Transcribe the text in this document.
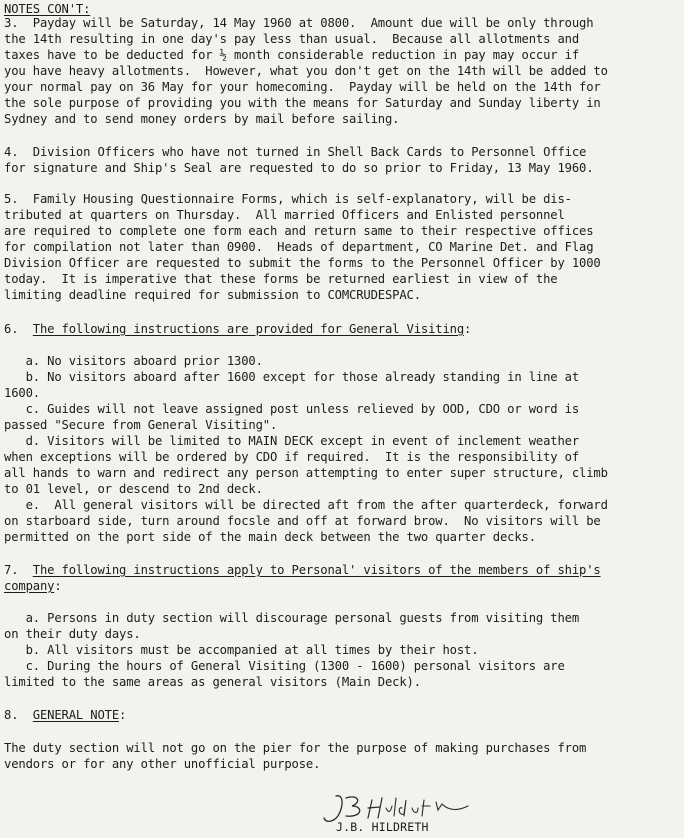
NOTES CON'T:
3.  Payday will be Saturday, 14 May 1960 at 0800.  Amount due will be only through
the 14th resulting in one day's pay less than usual.  Because all allotments and
taxes have to be deducted for ½ month considerable reduction in pay may occur if
you have heavy allotments.  However, what you don't get on the 14th will be added to
your normal pay on 36 May for your homecoming.  Payday will be held on the 14th for
the sole purpose of providing you with the means for Saturday and Sunday liberty in
Sydney and to send money orders by mail before sailing.
4.  Division Officers who have not turned in Shell Back Cards to Personnel Office
for signature and Ship's Seal are requested to do so prior to Friday, 13 May 1960.
5.  Family Housing Questionnaire Forms, which is self-explanatory, will be dis-
tributed at quarters on Thursday.  All married Officers and Enlisted personnel
are required to complete one form each and return same to their respective offices
for compilation not later than 0900.  Heads of department, CO Marine Det. and Flag
Division Officer are requested to submit the forms to the Personnel Officer by 1000
today.  It is imperative that these forms be returned earliest in view of the
limiting deadline required for submission to COMCRUDESPAC.
6. The following instructions are provided for General Visiting:
a. No visitors aboard prior 1300.
b. No visitors aboard after 1600 except for those already standing in line at
1600.
c. Guides will not leave assigned post unless relieved by OOD, CDO or word is
passed "Secure from General Visiting".
d. Visitors will be limited to MAIN DECK except in event of inclement weather
when exceptions will be ordered by CDO if required.  It is the responsibility of
all hands to warn and redirect any person attempting to enter super structure, climb
to 01 level, or descend to 2nd deck.
e.  All general visitors will be directed aft from the after quarterdeck, forward
on starboard side, turn around focsle and off at forward brow.  No visitors will be
permitted on the port side of the main deck between the two quarter decks.
7. The following instructions apply to Personal' visitors of the members of ship's
company:
a. Persons in duty section will discourage personal guests from visiting them
on their duty days.
b. All visitors must be accompanied at all times by their host.
c. During the hours of General Visiting (1300 - 1600) personal visitors are
limited to the same areas as general visitors (Main Deck).
8. GENERAL NOTE:
The duty section will not go on the pier for the purpose of making purchases from
vendors or for any other unofficial purpose.
J.B. HILDRETH
